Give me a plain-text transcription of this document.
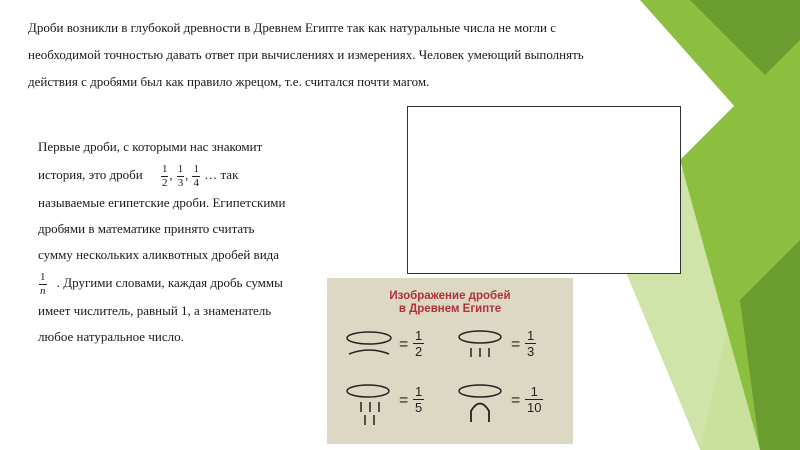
Дроби возникли в глубокой древности в Древнем Египте так как натуральные числа не могли с
необходимой точностью давать ответ при вычислениях и измерениях. Человек умеющий выполнять
действия с дробями был как правило жрецом, т.е. считался почти магом.

Первые дроби, с которыми нас знакомит

история, это дроби $\frac{1}{2}$ , $\frac{1}{3}$ , $\frac{1}{4}$ … так

называемые египетские дроби. Египетскими

дробями в математике принято считать

сумму нескольких аликвотных дробей вида

$\frac{1}{n}$ . Другими словами, каждая дробь суммы

имеет числитель, равный 1, а знаменатель

любое натуральное число.

Изображение дробей
в Древнем Египте
= $\frac{1}{2}$	= $\frac{1}{3}$
= $\frac{1}{5}$	= $\frac{1}{10}$
